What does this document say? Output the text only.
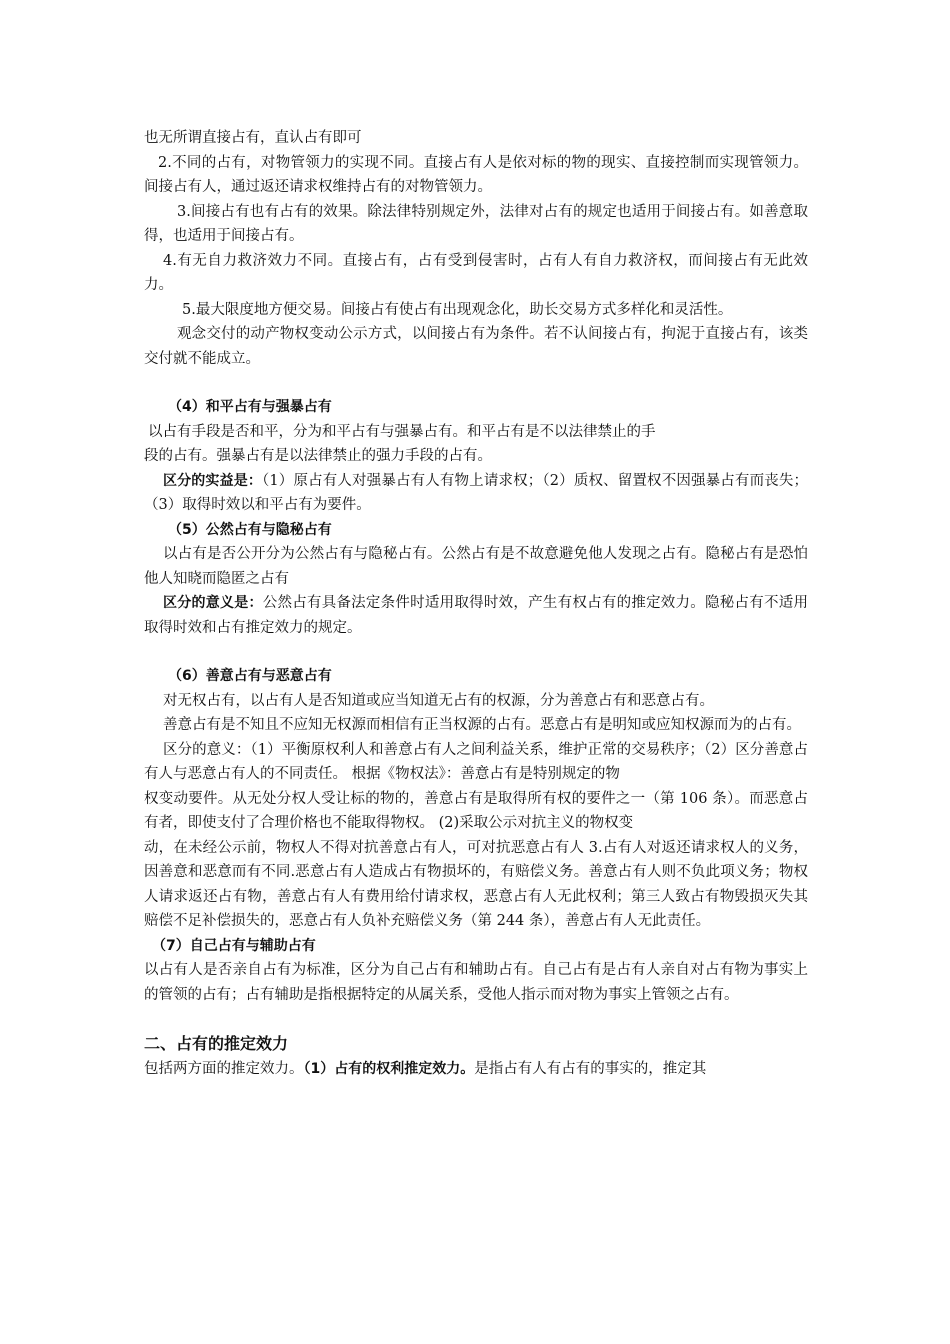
也无所谓直接占有，直认占有即可

2.不同的占有，对物管领力的实现不同。直接占有人是依对标的物的现实、直接控制而实现管领力。间接占有人，通过返还请求权维持占有的对物管领力。

3.间接占有也有占有的效果。除法律特别规定外，法律对占有的规定也适用于间接占有。如善意取得，也适用于间接占有。

4.有无自力救济效力不同。直接占有，占有受到侵害时，占有人有自力救济权，而间接占有无此效力。

5.最大限度地方便交易。间接占有使占有出现观念化，助长交易方式多样化和灵活性。

观念交付的动产物权变动公示方式，以间接占有为条件。若不认间接占有，拘泥于直接占有，该类交付就不能成立。

（4）和平占有与强暴占有

以占有手段是否和平，分为和平占有与强暴占有。和平占有是不以法律禁止的手

段的占有。强暴占有是以法律禁止的强力手段的占有。

区分的实益是：（1）原占有人对强暴占有人有物上请求权；（2）质权、留置权不因强暴占有而丧失；（3）取得时效以和平占有为要件。

（5）公然占有与隐秘占有

以占有是否公开分为公然占有与隐秘占有。公然占有是不故意避免他人发现之占有。隐秘占有是恐怕他人知晓而隐匿之占有

区分的意义是：公然占有具备法定条件时适用取得时效，产生有权占有的推定效力。隐秘占有不适用取得时效和占有推定效力的规定。

（6）善意占有与恶意占有

对无权占有，以占有人是否知道或应当知道无占有的权源，分为善意占有和恶意占有。

善意占有是不知且不应知无权源而相信有正当权源的占有。恶意占有是明知或应知权源而为的占有。

区分的意义：（1）平衡原权利人和善意占有人之间利益关系，维护正常的交易秩序；（2）区分善意占有人与恶意占有人的不同责任。 根据《物权法》：善意占有是特别规定的物

权变动要件。从无处分权人受让标的物的，善意占有是取得所有权的要件之一（第 106 条）。而恶意占有者，即使支付了合理价格也不能取得物权。 (2)采取公示对抗主义的物权变

动，在未经公示前，物权人不得对抗善意占有人，可对抗恶意占有人 3.占有人对返还请求权人的义务，因善意和恶意而有不同.恶意占有人造成占有物损坏的，有赔偿义务。善意占有人则不负此项义务；物权人请求返还占有物，善意占有人有费用给付请求权，恶意占有人无此权利；第三人致占有物毁损灭失其赔偿不足补偿损失的，恶意占有人负补充赔偿义务（第 244 条），善意占有人无此责任。

（7）自己占有与辅助占有

以占有人是否亲自占有为标准，区分为自己占有和辅助占有。自己占有是占有人亲自对占有物为事实上的管领的占有；占有辅助是指根据特定的从属关系，受他人指示而对物为事实上管领之占有。

二、占有的推定效力

包括两方面的推定效力。（1）占有的权利推定效力。是指占有人有占有的事实的，推定其
